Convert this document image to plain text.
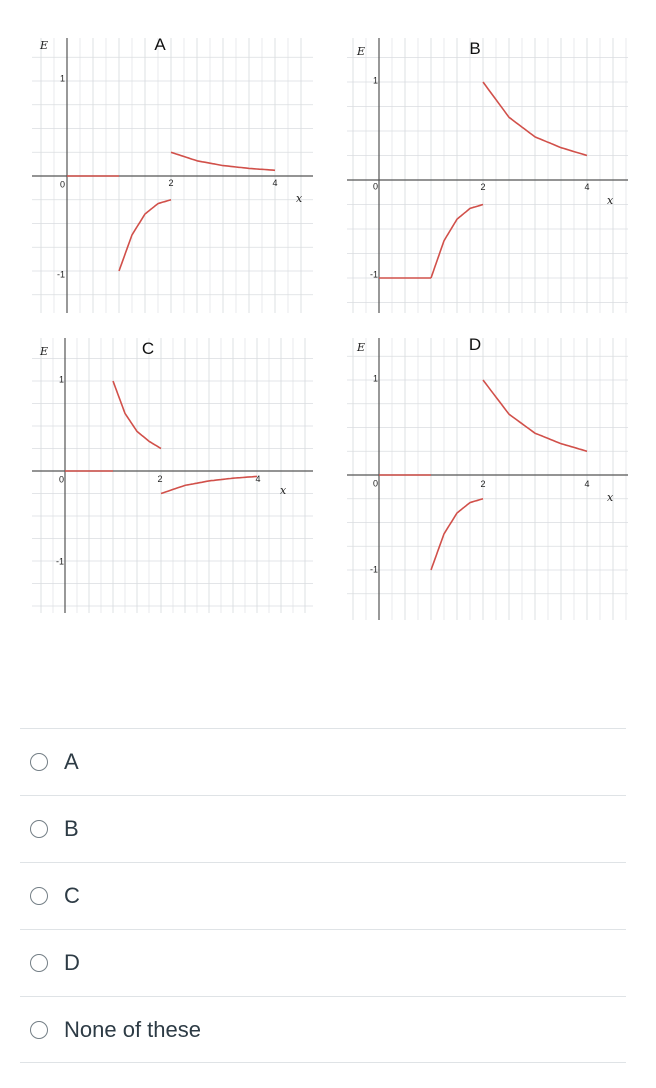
A
E
x
1
0
-1
2	4
B
E
x
1
0
-1
2	4
C
E
x
1
0
-1
2	4
D
E
x
1
0
-1
2	4
A
B
C
D
None of these
